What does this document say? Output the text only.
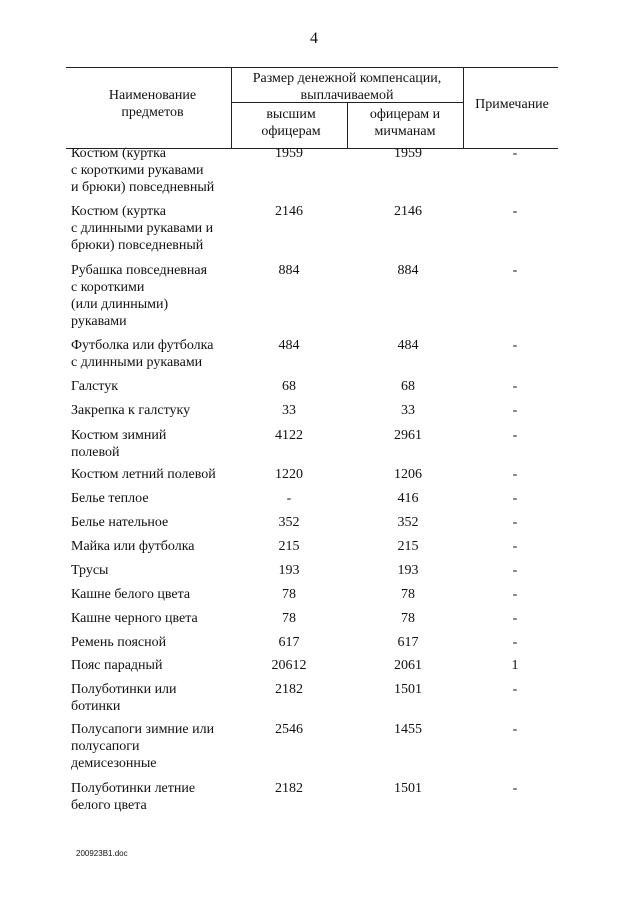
4
Наименование предметов
Размер денежной компенсации, выплачиваемой
высшим офицерам
офицерам и мичманам
Примечание
Костюм (куртка
с короткими рукавами
и брюки) повседневный
1959	1959	-
Костюм (куртка
с длинными рукавами и
брюки) повседневный
2146	2146	-
Рубашка повседневная
с короткими
(или длинными)
рукавами
884	884	-
Футболка или футболка
с длинными рукавами
484	484	-
Галстук	68	68	-
Закрепка к галстуку	33	33	-
Костюм зимний
полевой
4122	2961	-
Костюм летний полевой	1220	1206	-
Белье теплое	-	416	-
Белье нательное	352	352	-
Майка или футболка	215	215	-
Трусы	193	193	-
Кашне белого цвета	78	78	-
Кашне черного цвета	78	78	-
Ремень поясной	617	617	-
Пояс парадный	20612	2061	1
Полуботинки или
ботинки
2182	1501	-
Полусапоги зимние или
полусапоги
демисезонные
2546	1455	-
Полуботинки летние
белого цвета
2182	1501	-
200923В1.doc
